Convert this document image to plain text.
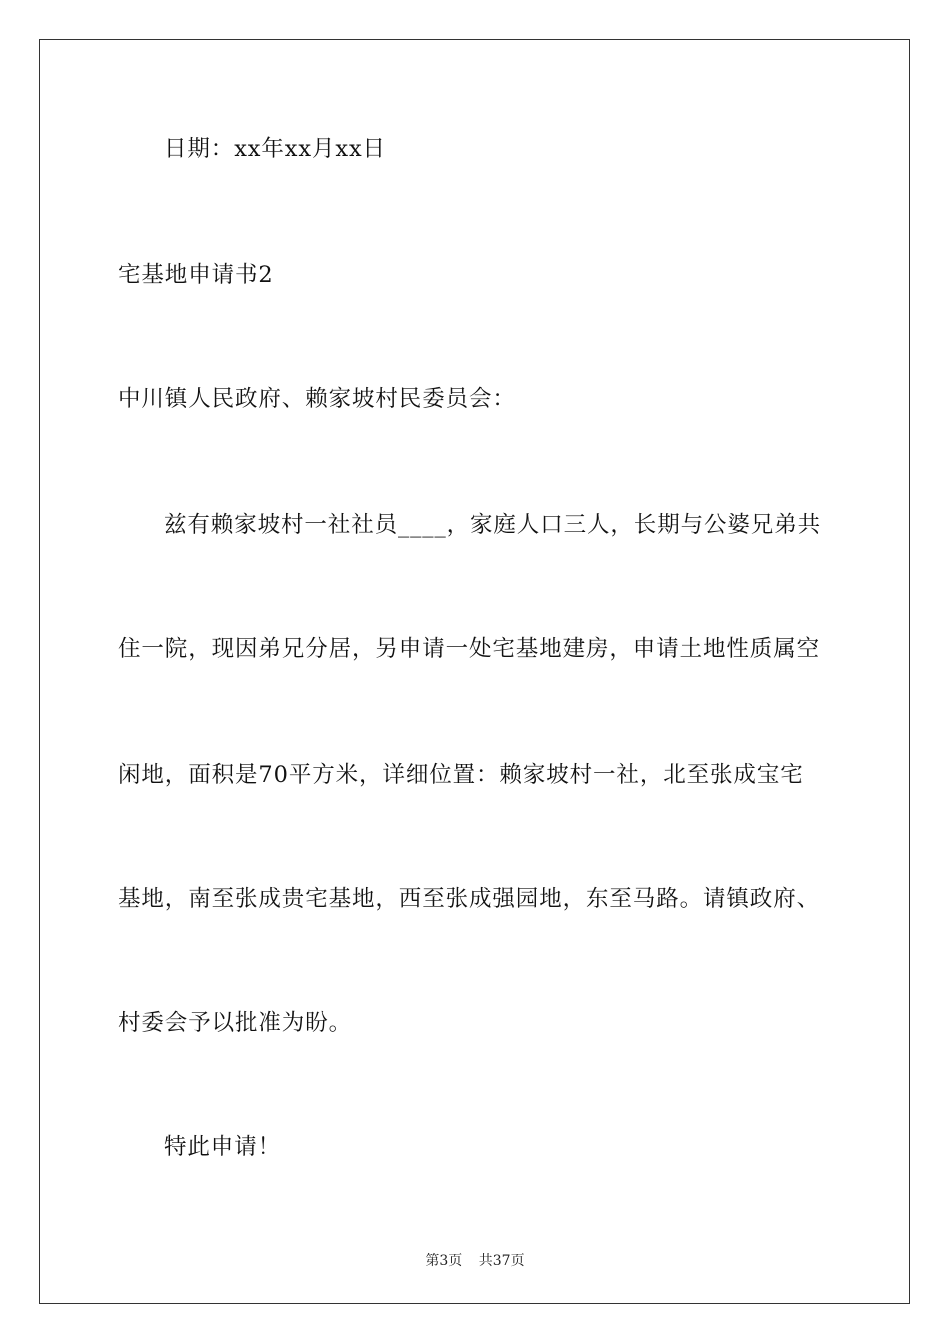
日期：xx年xx月xx日
宅基地申请书2
中川镇人民政府、赖家坡村民委员会：
兹有赖家坡村一社社员____，家庭人口三人，长期与公婆兄弟共
住一院，现因弟兄分居，另申请一处宅基地建房，申请土地性质属空
闲地，面积是70平方米，详细位置：赖家坡村一社，北至张成宝宅
基地，南至张成贵宅基地，西至张成强园地，东至马路。请镇政府、
村委会予以批准为盼。
特此申请！
第3页 共37页
